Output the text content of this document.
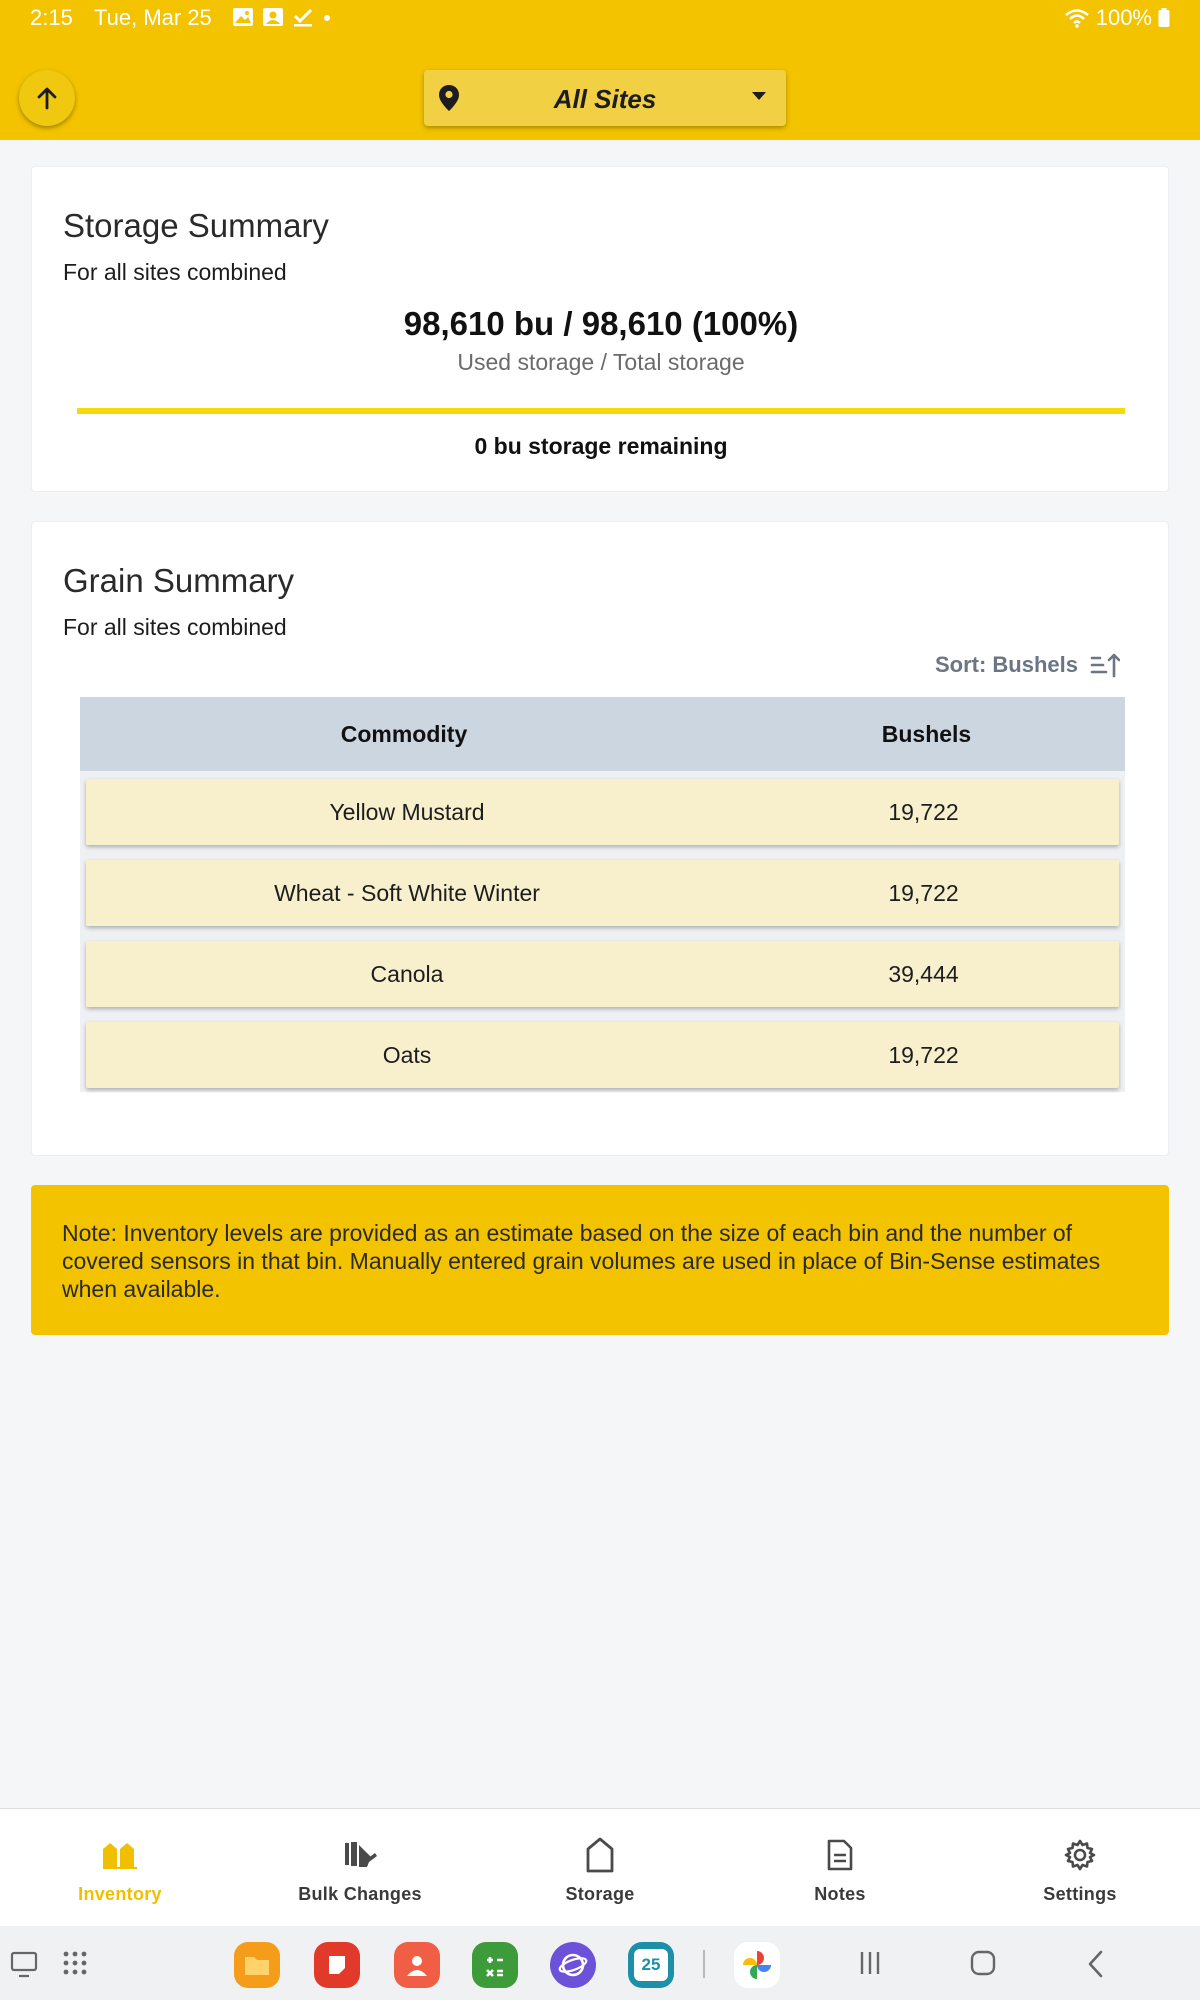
2:15 Tue, Mar 25	100%
All Sites
Storage Summary
For all sites combined
98,610 bu / 98,610 (100%)
Used storage / Total storage
0 bu storage remaining
Grain Summary
For all sites combined
Sort: Bushels
Commodity	Bushels
Yellow Mustard	19,722
Wheat - Soft White Winter	19,722
Canola	39,444
Oats	19,722
Note: Inventory levels are provided as an estimate based on the size of each bin and the number of covered sensors in that bin. Manually entered grain volumes are used in place of Bin-Sense estimates when available.
Inventory	Bulk Changes	Storage	Notes	Settings
25
